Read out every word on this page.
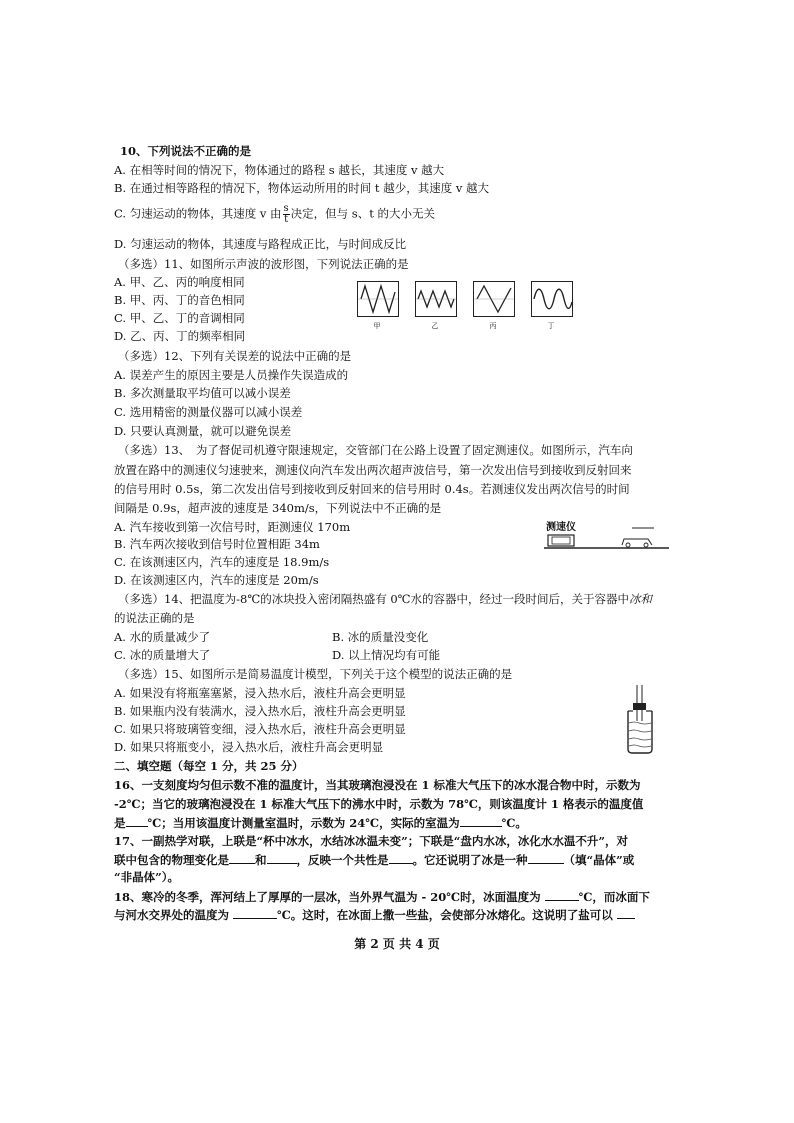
10、下列说法不正确的是
A. 在相等时间的情况下，物体通过的路程 s 越长，其速度 v 越大
B. 在通过相等路程的情况下，物体运动所用的时间 t 越少，其速度 v 越大
C. 匀速运动的物体，其速度 v 由 $\frac{s}{t}$ 决定，但与 s、t 的大小无关
D. 匀速运动的物体，其速度与路程成正比，与时间成反比
（多选）11、如图所示声波的波形图，下列说法正确的是
A. 甲、乙、丙的响度相同
B. 甲、丙、丁的音色相同
C. 甲、乙、丁的音调相同
D. 乙、丙、丁的频率相同
甲	乙	丙	丁
（多选）12、下列有关误差的说法中正确的是
A. 误差产生的原因主要是人员操作失误造成的
B. 多次测量取平均值可以减小误差
C. 选用精密的测量仪器可以减小误差
D. 只要认真测量，就可以避免误差
（多选）13、　为了督促司机遵守限速规定，交管部门在公路上设置了固定测速仪。如图所示，汽车向
放置在路中的测速仪匀速驶来，测速仪向汽车发出两次超声波信号，第一次发出信号到接收到反射回来
的信号用时 0.5s，第二次发出信号到接收到反射回来的信号用时 0.4s。若测速仪发出两次信号的时间
间隔是 0.9s，超声波的速度是 340m/s，下列说法中不正确的是
A. 汽车接收到第一次信号时，距测速仪 170m
B. 汽车两次接收到信号时位置相距 34m
C. 在该测速区内，汽车的速度是 18.9m/s
D. 在该测速区内，汽车的速度是 20m/s
测速仪
（多选）14、把温度为-8℃的冰块投入密闭隔热盛有 0℃水的容器中，经过一段时间后，关于容器中冰和
的说法正确的是
A. 水的质量减少了	B. 冰的质量没变化
C. 冰的质量增大了	D. 以上情况均有可能
（多选）15、如图所示是简易温度计模型，下列关于这个模型的说法正确的是
A. 如果没有将瓶塞塞紧，浸入热水后，液柱升高会更明显
B. 如果瓶内没有装满水，浸入热水后，液柱升高会更明显
C. 如果只将玻璃管变细，浸入热水后，液柱升高会更明显
D. 如果只将瓶变小，浸入热水后，液柱升高会更明显
二、填空题（每空 1 分，共 25 分）
16、一支刻度均匀但示数不准的温度计，当其玻璃泡浸没在 1 标准大气压下的冰水混合物中时，示数为
-2℃；当它的玻璃泡浸没在 1 标准大气压下的沸水中时，示数为 78℃，则该温度计 1 格表示的温度值
是 ℃；当用该温度计测量室温时，示数为 24℃，实际的室温为	℃。
17、一副热学对联，上联是“杯中冰水，水结冰冰温未变”；下联是“盘内水冰，冰化水水温不升”，对
联中包含的物理变化是 和	，反映一个共性是 。它还说明了冰是一种	（填“晶体”或
“非晶体”）。
18、寒冷的冬季，浑河结上了厚厚的一层冰，当外界气温为 - 20℃时，冰面温度为	℃，而冰面下
与河水交界处的温度为	℃。这时，在冰面上撒一些盐，会使部分冰熔化。这说明了盐可以
第 2 页 共 4 页
